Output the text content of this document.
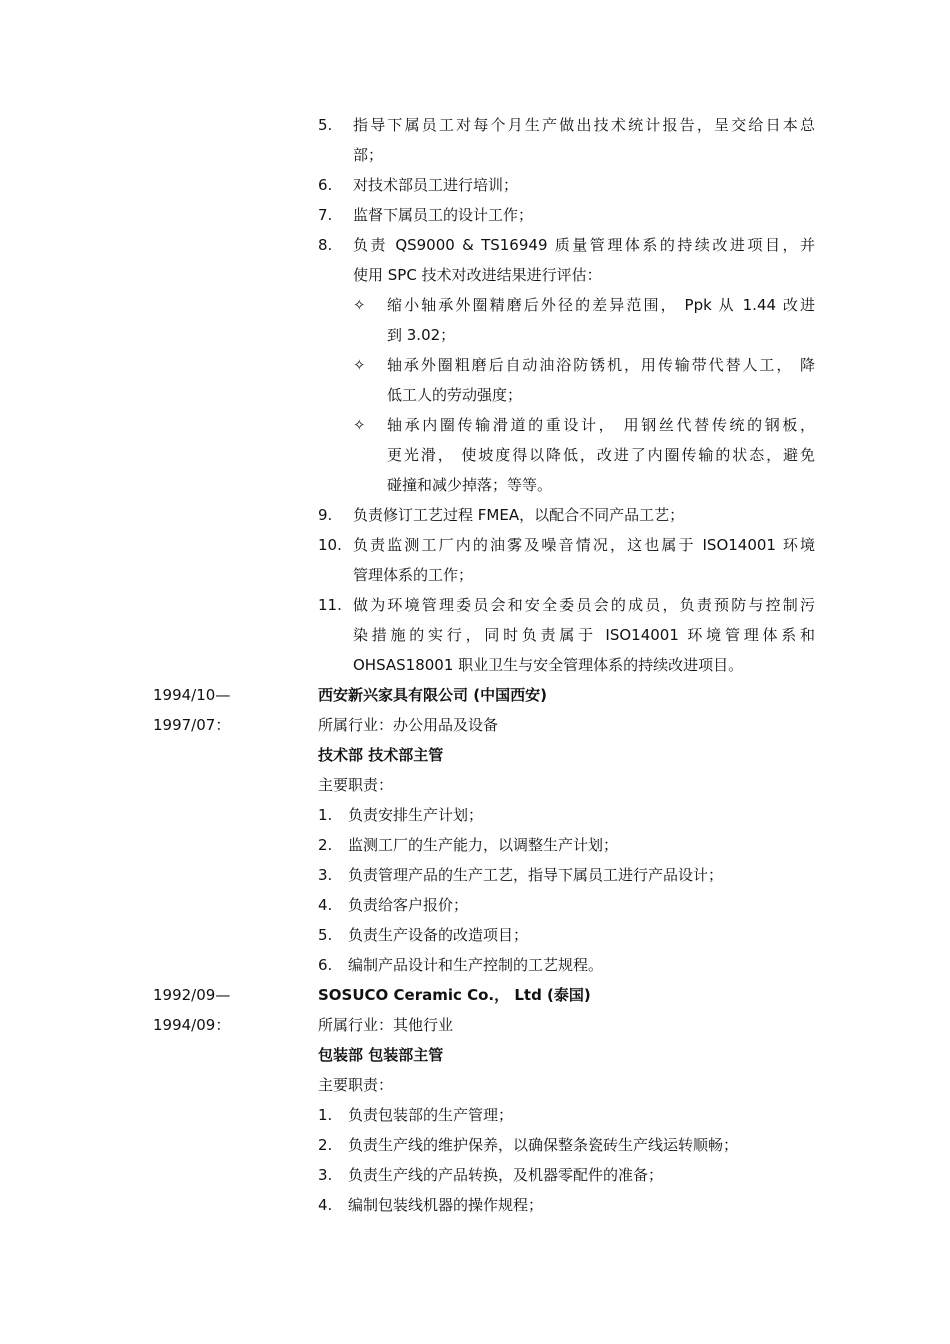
5. 指导下属员工对每个月生产做出技术统计报告，呈交给日本总
部；
6. 对技术部员工进行培训；
7. 监督下属员工的设计工作；
8. 负责 QS9000 & TS16949 质量管理体系的持续改进项目，并
使用 SPC 技术对改进结果进行评估：
✧ 缩小轴承外圈精磨后外径的差异范围， Ppk 从 1.44 改进
到 3.02；
✧ 轴承外圈粗磨后自动油浴防锈机，用传输带代替人工， 降
低工人的劳动强度；
✧ 轴承内圈传输滑道的重设计， 用钢丝代替传统的钢板，
更光滑， 使坡度得以降低，改进了内圈传输的状态，避免
碰撞和减少掉落；等等。
9. 负责修订工艺过程 FMEA，以配合不同产品工艺；
10. 负责监测工厂内的油雾及噪音情况，这也属于 ISO14001 环境
管理体系的工作；
11. 做为环境管理委员会和安全委员会的成员，负责预防与控制污
染措施的实行，同时负责属于 ISO14001 环境管理体系和
OHSAS18001 职业卫生与安全管理体系的持续改进项目。
1994/10—	西安新兴家具有限公司 (中国西安)
1997/07：	所属行业：办公用品及设备
技术部 技术部主管
主要职责：
1. 负责安排生产计划；
2. 监测工厂的生产能力，以调整生产计划；
3. 负责管理产品的生产工艺，指导下属员工进行产品设计；
4. 负责给客户报价；
5. 负责生产设备的改造项目；
6. 编制产品设计和生产控制的工艺规程。
1992/09—	SOSUCO Ceramic Co.， Ltd (泰国)
1994/09：	所属行业：其他行业
包装部 包装部主管
主要职责：
1. 负责包装部的生产管理；
2. 负责生产线的维护保养，以确保整条瓷砖生产线运转顺畅；
3. 负责生产线的产品转换，及机器零配件的准备；
4. 编制包装线机器的操作规程；
